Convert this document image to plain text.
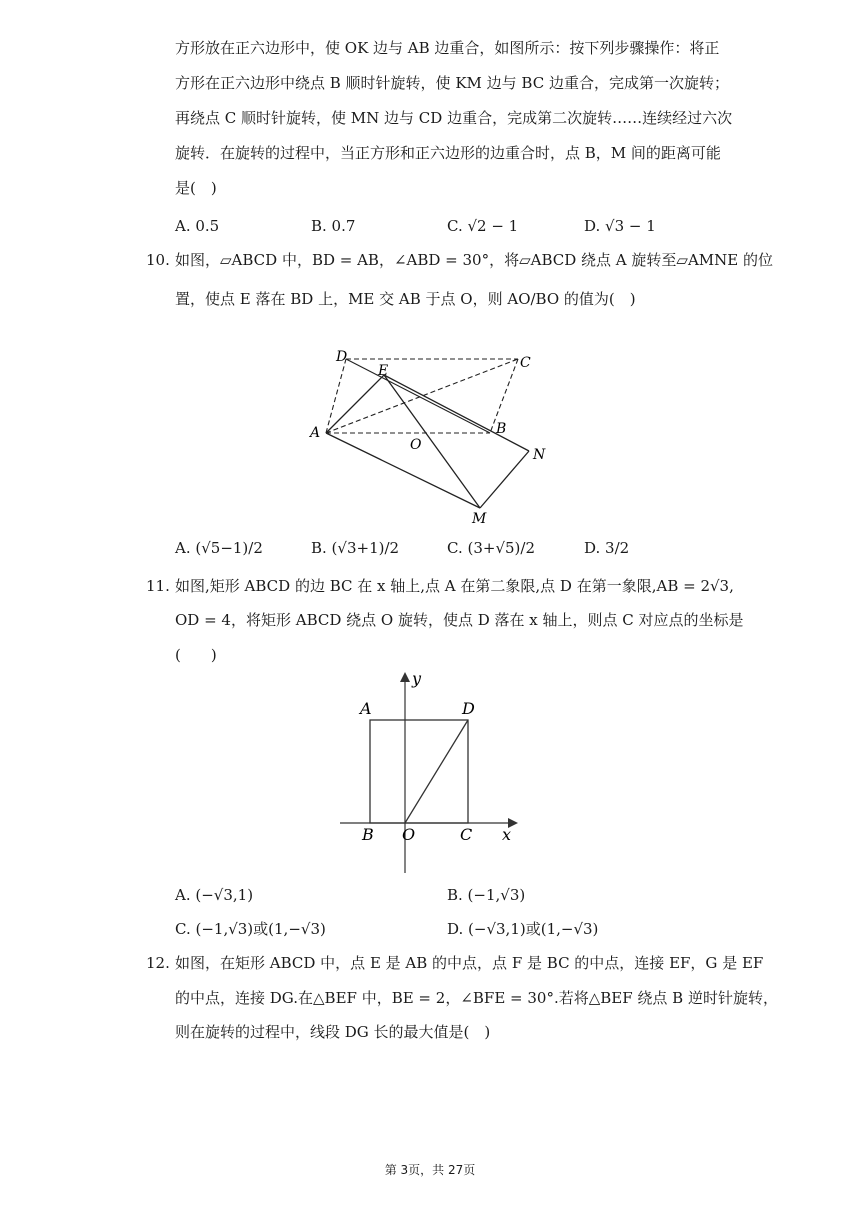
方形放在正六边形中，使 OK 边与 AB 边重合，如图所示：按下列步骤操作：将正
方形在正六边形中绕点 B 顺时针旋转，使 KM 边与 BC 边重合，完成第一次旋转；
再绕点 C 顺时针旋转，使 MN 边与 CD 边重合，完成第二次旋转……连续经过六次
旋转．在旋转的过程中，当正方形和正六边形的边重合时，点 B，M 间的距离可能
是(　)
A. 0.5	B. 0.7	C. √2 − 1	D. √3 − 1
10. 如图，▱ABCD 中，BD = AB，∠ABD = 30°，将▱ABCD 绕点 A 旋转至▱AMNE 的位
置，使点 E 落在 BD 上，ME 交 AB 于点 O，则 AO/BO 的值为(　)
D	C
E
A
O
B
N
M
A. (√5−1)/2	B. (√3+1)/2	C. (3+√5)/2	D. 3/2
11. 如图,矩形 ABCD 的边 BC 在 x 轴上,点 A 在第二象限,点 D 在第一象限,AB = 2√3,
OD = 4，将矩形 ABCD 绕点 O 旋转，使点 D 落在 x 轴上，则点 C 对应点的坐标是
(　　)
y
A	D
B O	C x
A. (−√3,1)	B. (−1,√3)
C. (−1,√3)或(1,−√3)	D. (−√3,1)或(1,−√3)
12. 如图，在矩形 ABCD 中，点 E 是 AB 的中点，点 F 是 BC 的中点，连接 EF，G 是 EF
的中点，连接 DG.在△BEF 中，BE = 2，∠BFE = 30°.若将△BEF 绕点 B 逆时针旋转，
则在旋转的过程中，线段 DG 长的最大值是(　)
第 3页，共 27页
